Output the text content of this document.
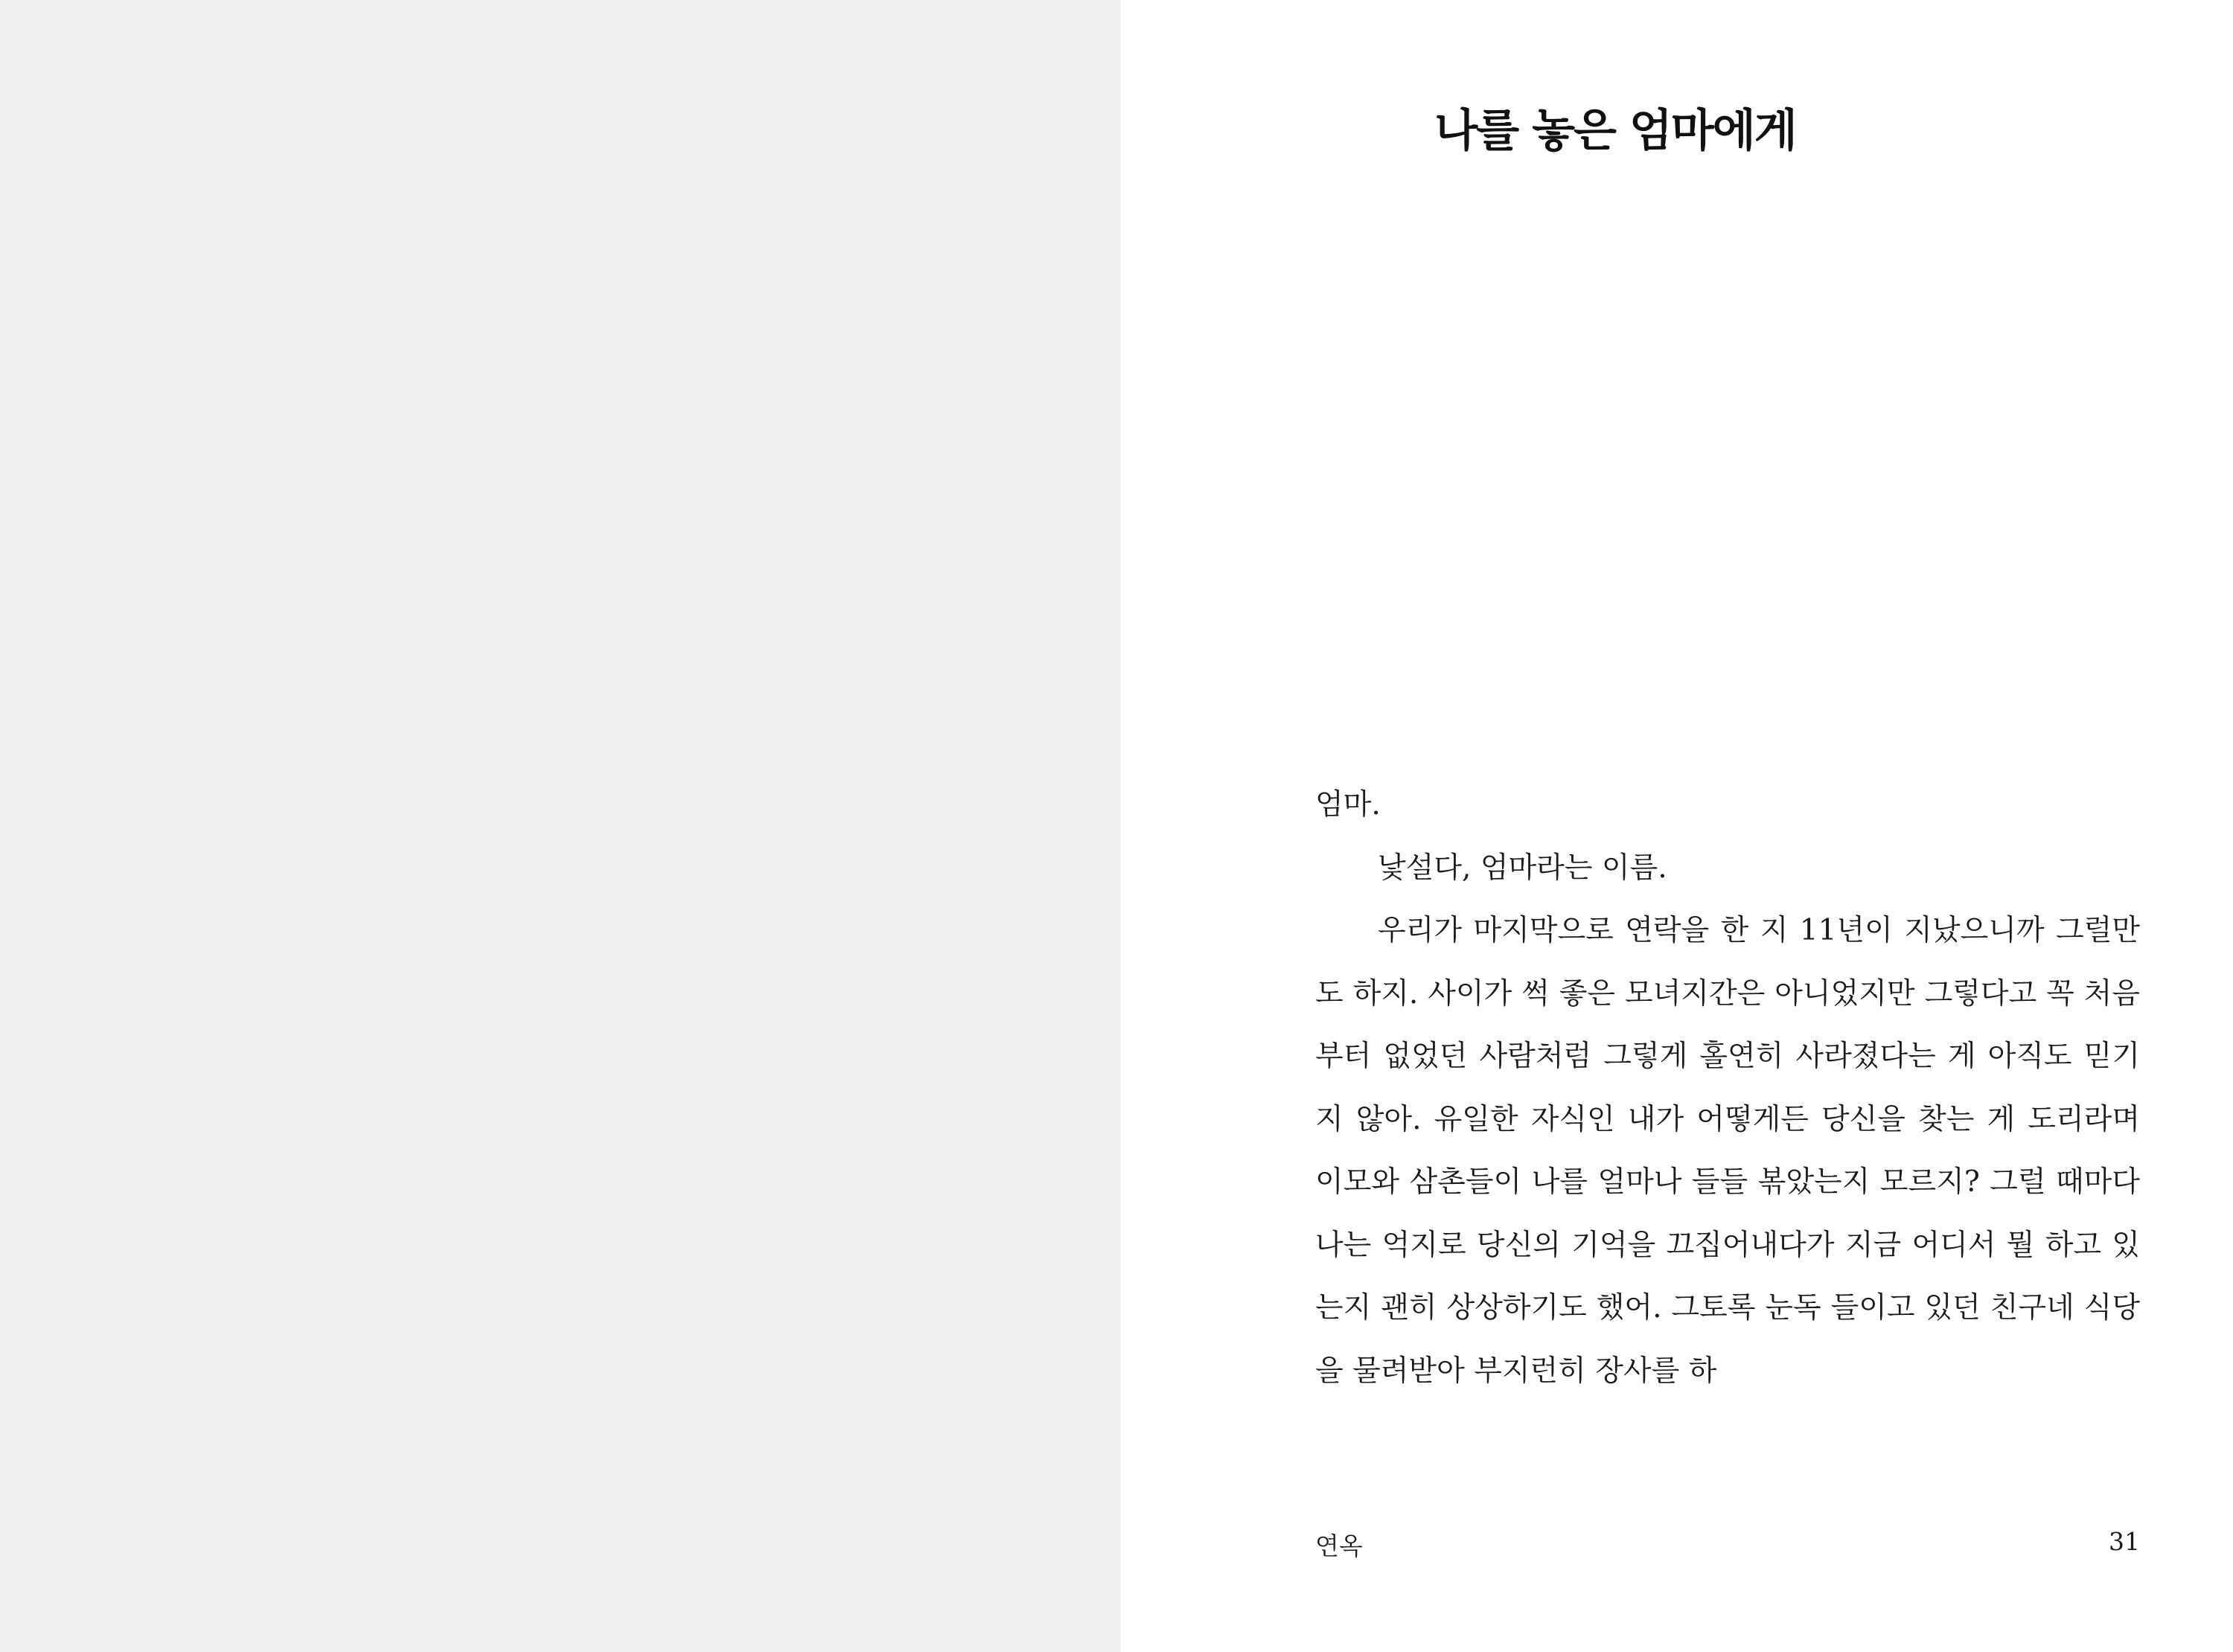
나를 놓은 엄마에게

엄마.

낯설다, 엄마라는 이름.

우리가 마지막으로 연락을 한 지 11년이 지났으니까 그럴만도 하지. 사이가 썩 좋은 모녀지간은 아니었지만 그렇다고 꼭 처음부터 없었던 사람처럼 그렇게 홀연히 사라졌다는 게 아직도 믿기지 않아. 유일한 자식인 내가 어떻게든 당신을 찾는 게 도리라며 이모와 삼촌들이 나를 얼마나 들들 볶았는지 모르지? 그럴 때마다 나는 억지로 당신의 기억을 끄집어내다가 지금 어디서 뭘 하고 있는지 괜히 상상하기도 했어. 그토록 눈독 들이고 있던 친구네 식당을 물려받아 부지런히 장사를 하

연옥	31
